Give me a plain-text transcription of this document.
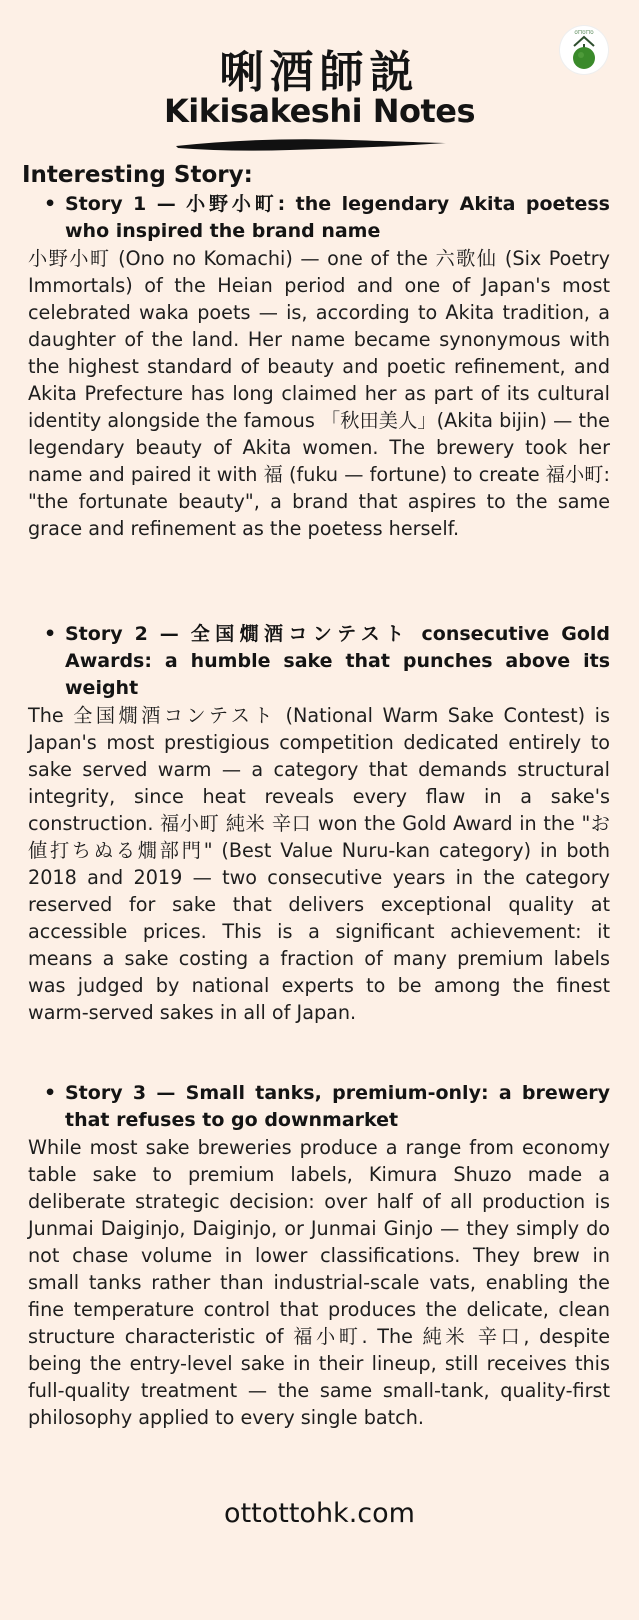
OTTOTTO
唎酒師説
Kikisakeshi Notes
Interesting Story:
• Story 1 — 小野小町: the legendary Akita poetess who inspired the brand name

小野小町 (Ono no Komachi) — one of the 六歌仙 (Six Poetry Immortals) of the Heian period and one of Japan's most celebrated waka poets — is, according to Akita tradition, a daughter of the land. Her name became synonymous with the highest standard of beauty and poetic refinement, and Akita Prefecture has long claimed her as part of its cultural identity alongside the famous 「秋田美人」(Akita bijin) — the legendary beauty of Akita women. The brewery took her name and paired it with 福 (fuku — fortune) to create 福小町: "the fortunate beauty", a brand that aspires to the same grace and refinement as the poetess herself.

• Story 2 — 全国燗酒コンテスト consecutive Gold Awards: a humble sake that punches above its weight

The 全国燗酒コンテスト (National Warm Sake Contest) is Japan's most prestigious competition dedicated entirely to sake served warm — a category that demands structural integrity, since heat reveals every flaw in a sake's construction. 福小町 純米 辛口 won the Gold Award in the "お値打ちぬる燗部門" (Best Value Nuru-kan category) in both 2018 and 2019 — two consecutive years in the category reserved for sake that delivers exceptional quality at accessible prices. This is a significant achievement: it means a sake costing a fraction of many premium labels was judged by national experts to be among the finest warm-served sakes in all of Japan.

• Story 3 — Small tanks, premium-only: a brewery that refuses to go downmarket

While most sake breweries produce a range from economy table sake to premium labels, Kimura Shuzo made a deliberate strategic decision: over half of all production is Junmai Daiginjo, Daiginjo, or Junmai Ginjo — they simply do not chase volume in lower classifications. They brew in small tanks rather than industrial-scale vats, enabling the fine temperature control that produces the delicate, clean structure characteristic of 福小町. The 純米 辛口, despite being the entry-level sake in their lineup, still receives this full-quality treatment — the same small-tank, quality-first philosophy applied to every single batch.

ottottohk.com
